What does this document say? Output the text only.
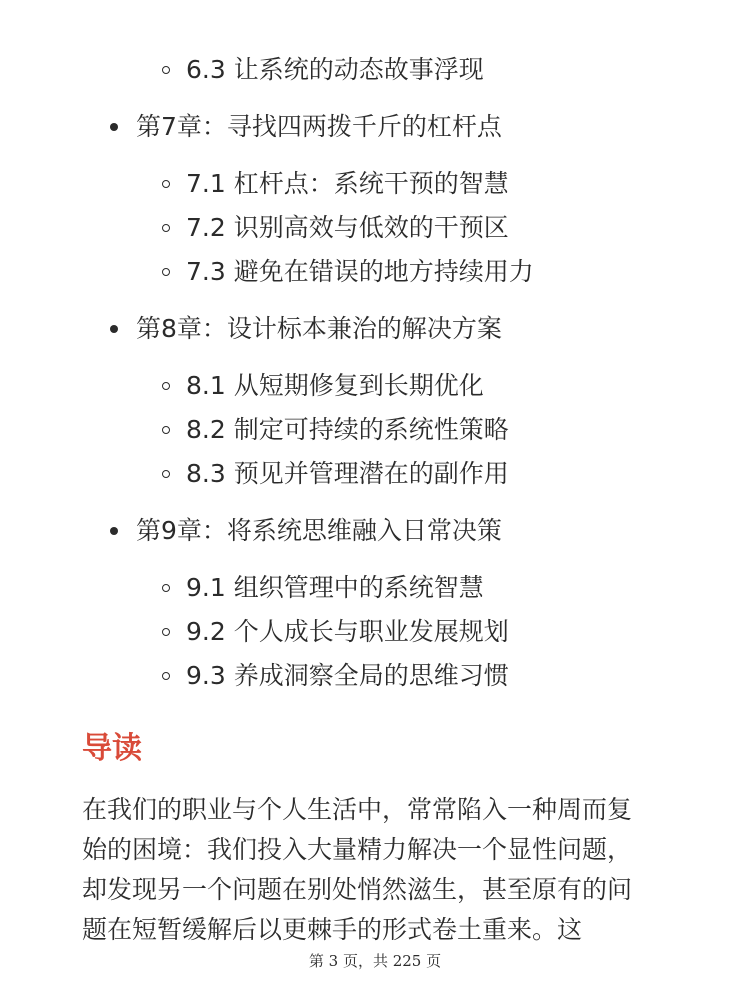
6.3 让系统的动态故事浮现
第7章：寻找四两拨千斤的杠杆点
7.1 杠杆点：系统干预的智慧
7.2 识别高效与低效的干预区
7.3 避免在错误的地方持续用力
第8章：设计标本兼治的解决方案
8.1 从短期修复到长期优化
8.2 制定可持续的系统性策略
8.3 预见并管理潜在的副作用
第9章：将系统思维融入日常决策
9.1 组织管理中的系统智慧
9.2 个人成长与职业发展规划
9.3 养成洞察全局的思维习惯
导读

在我们的职业与个人生活中，常常陷入一种周而复
始的困境：我们投入大量精力解决一个显性问题，
却发现另一个问题在别处悄然滋生，甚至原有的问
题在短暂缓解后以更棘手的形式卷土重来。这

第 3 页，共 225 页
